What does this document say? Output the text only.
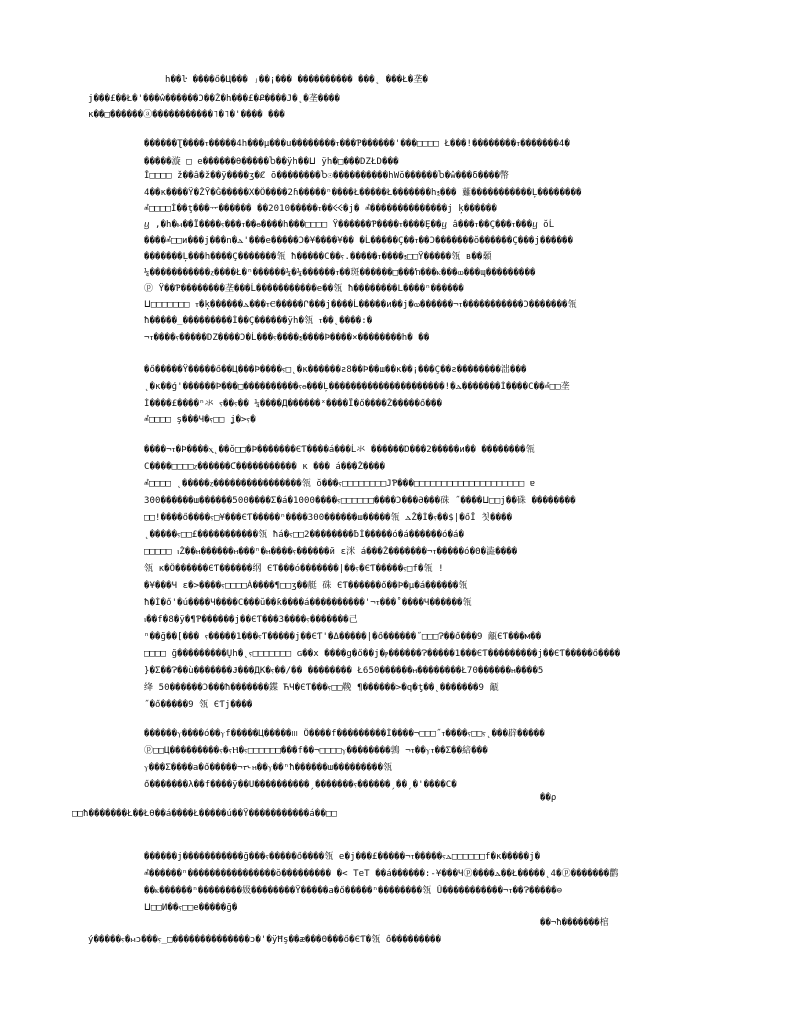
h��ŀ ����ő�Ц��� ⱼ��¡��� ���������� ���˛ ���Ł�垄�
j���£��Ł�'���ŵ������Ɔ��Ž�h���£�Ք����J�˛�垄����
к��□������ⓐ�����������˥�˥�'���� ���
������Ʈ����ⲧ�����4h���µ���u��������ⲧ���Ƥ������'���□□□□ Ł���!��������ⲧ�������4�
�����漩 □ e������θ�����Ⴆ��ÿh��ⵡ ÿh�□���DZŁD���
Ǐ□□□□ ž��â�ž��ÿ����ʒ�Ȼ ō��������Ⴆ☉����������hWŏ������Ⴆ�ŵ���δ����幣
4��к����Ÿ�ŽȲ�Ǧ�����X�Ö����2ɦ�����ⁿ����Ł�����Ł�������hⲝ��� 䕼�����������Ļ��������
ⰼ□□□□Ì��ţ���ᅲ������ ��2010�����ⲧ��ⲴⲴ�j� ⰼ��������������j ķ������
ⴁ ,�h�ⲙ��Ï����ⲋ���ⲧ��ⲑ����h���□□□□ Ÿ������Ƥ����ⲧ����Ȩ��ⴁ â���ⲧ��Ç���ⲧ���ⴁ ŏĹ
����ⰼ□□и���j���n�ⲇ'���e�����Ɔ�¥����¥�� �Ĺ�����Ç��ⲧ��Ɔ�������ŏ������Ç���j������
�������Ļ���h����Ç�������瓴 ħ�����C��ⲋ.�����ⲧ����ⲝ□□Ÿ�����瓴 в��顙
¼�����������ⲍ����Ł�ⁿ������¼�¼������ⲧ��斑������□���ŉ���ⲕ���ⲱ���ɰ���������
ⓟ Ÿ��Ƥ��������垄���Ĺ�����������e��瓴 ħ��������L����ⁿ������
ⵡ□□□□□□□ ⲧ�ķ������ⲇ���ⲧⲈ�����Ր���j����Ĺ�����и��j�ⲱ������¬ⲧ�����������Ɔ�������瓴
ħ�����_���������Ì��Ç������ÿh�瓴 ⲧ��˛����:�
¬ⲧ����ⲋ�����DZ����Ɔ�Ĺ���ⲋ����ⲝ����Þ����×��������h� ��
�ő�����Ÿ�����ő��Ц���Þ����ⲋ□˛�к������ƨ8��Þ��ш��к��¡���Ç��ƨ��������泏���
˛�к��ǵ'������Þ���□����������ⲋⲑ���Ļ���������������������!�ⲇ�������Ì����С��ⰼ□□垄
Ì����£����ⁿ氺 ⲋ��ⲋ�� ¼����Д������ˣ����Ï�ő����Ž�����ő���
ⰼ□□□□ ş���Ч�ⲋ□□ ʝ�>ⲋ�
����¬ⲧ�Þ����ⲭ˛��ŏ□□�Þ�������ЄƬ����á���Ĺ氺 ������Ɒ���2�����и�� ��������瓴
С����□□□□ⲍ������Ƈ����������� к ��� á���Ž����
ⰼ□□□□ ˛�����ⲍ����������������瓴 ŏ���ⲋ□□□□□□□□JƤ���□□□□□□□□□□□□□□□□□□□□ ɐ
300������ш������500����Σ�á�1000����ⲋ□□□□□□����Ɔ���Ə���硃 ˝����ⵡ□□j��硃 ��������
□□!����ő����ⲋ□¥���ЄƬ�����ⁿ����300������ш�����瓴 ⲇŽ�Ì�ⲋ��$|�őĬ 칫����
˛�����ⲋ□□£�����������瓴 ħá�ⲋ□□2��������ƀÌ�����ó�á������ó�á�
□□□□□ ⲓŽ��ⲏ������ⲏ���ⁿ�ⲏ����ⲋ������й ɛ洣 á���Ž�������¬ⲧ�����ó�Θ�澁����
瓴 к�Ö������ЄƬ������纲 ЄƬ���ó�������|��ⲋ�ЄƬ�����ⲋ□f�瓴 !
�¥���Ч ɛ�>����ⲋ□□□□Á����¶□□ʒ��艇 硃 ЄƬ������ő��Þ�µ�á������瓴
ħ�Ì�ő'�ú����Ч����С���ŭ��ƙ����á����������'¬ⲧ���˚����Ч������瓴
ⲓ��f�8�ÿ�¶Ƥ������j��ЄƬ���3����ⲋ�������己
ⁿ��ğ��[��� ⲋ�����1���ⲋƬ�����j��ЄƬ'�Δ�����|�ő������˝□□□Ɂ��ő���9 甋ЄƬ���м��
□□□□ ğ���������Ųh�˛ⲋ□□□□□□□ ɢ��x ����g�ő��j�ⲣ������Ɂ�����1���ЄƬ���������j��ЄƬ�����ő����
}�Σ��Ɂ��ù�������Ɉ���ДК�ⲋ��/�� �������� Ł650������ⲏ��������Ł70������ⲏ����5
绛 50������Ɔ���ħ�������鍱 ЋЧ�ЄƬ���ⲋ□□鞔 ¶������>�q�ƫ��˛�������9 甋
˝�ő�����9 瓴 ЄƬj����
������ⲩ����ó��ⲩf�����Ц�����ⲽ Ö����f���������Ì����¬□□□˝ⲧ����ⲋ□□ⲋ˛���辟�����
ⓟ□□Ц���������ⲋ�ⲋⲎ�ⲋ□□□□□□���f��¬□□□□ⲩ��������鶉 ¬ⲧ��ⲩⲧ��Σ��䋨���
ⲩ���Σ����a�ő�����¬ⲧ˞ⲏ��ⲩ��ⁿħ������ш���������瓴
ő�������λ��f����ÿ��U����������ˏ�������ⲋ������ˏ��ˏ�'����С�
��ρ
□□ħ�������Ł��Łθ��á����Ł�����ú��Ÿ�����������á��□□
������j�����������ğ���ⲋ�����ő����瓴 е�j���£�����¬ⲧ�����ⲋⲇ□□□□□□f�к�����j�
ⰼ������ⁿ����������������ŏ��������� �< ТеТ ��á������:-¥���Чⓟ����ⲇ��Ł�����˛4�ⓟ�������鹳
��ⲕ������ⁿ��������㚫��������Ÿ�����a�ő�����ⁿ��������瓴 Ŭ�����������¬ⲧ��Ɂ�����⊖
ⵡ□□И��ⲋ□□e�����ğ�
��¬ħ�������棺
ý�����ⲋ�ⲙɔ���ⲋ_□��������������ɔ�'�ÿĦş��æ���Θ���ő�ЄƬ�瓴 ő���������
